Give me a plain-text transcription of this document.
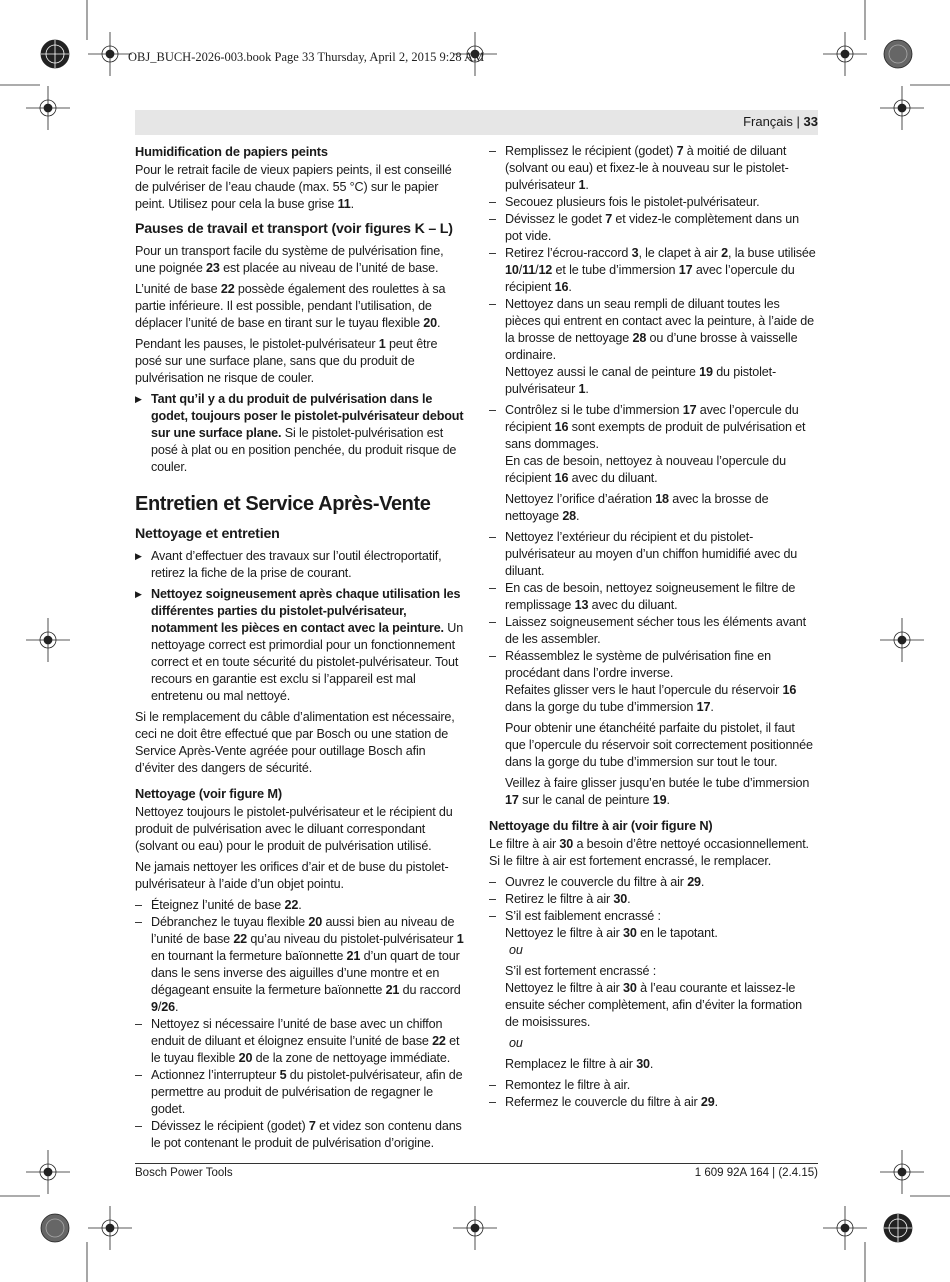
OBJ_BUCH-2026-003.book Page 33 Thursday, April 2, 2015 9:28 AM
Français | 33
Humidification de papiers peints

Pour le retrait facile de vieux papiers peints, il est conseillé de pulvériser de l’eau chaude (max. 55 °C) sur le papier peint. Utilisez pour cela la buse grise 11.

Pauses de travail et transport (voir figures K – L)

Pour un transport facile du système de pulvérisation fine, une poignée 23 est placée au niveau de l’unité de base.

L’unité de base 22 possède également des roulettes à sa partie inférieure. Il est possible, pendant l’utilisation, de déplacer l’unité de base en tirant sur le tuyau flexible 20.

Pendant les pauses, le pistolet-pulvérisateur 1 peut être posé sur une surface plane, sans que du produit de pulvérisation ne risque de couler.

▶ Tant qu’il y a du produit de pulvérisation dans le godet, toujours poser le pistolet-pulvérisateur debout sur une surface plane. Si le pistolet-pulvérisation est posé à plat ou en position penchée, du produit risque de couler.
Entretien et Service Après-Vente
Nettoyage et entretien
▶ Avant d’effectuer des travaux sur l’outil électroportatif, retirez la fiche de la prise de courant.
▶ Nettoyez soigneusement après chaque utilisation les différentes parties du pistolet-pulvérisateur, notamment les pièces en contact avec la peinture. Un nettoyage correct est primordial pour un fonctionnement correct et en toute sécurité du pistolet-pulvérisateur. Tout recours en garantie est exclu si l’appareil est mal entretenu ou mal nettoyé.

Si le remplacement du câble d’alimentation est nécessaire, ceci ne doit être effectué que par Bosch ou une station de Service Après-Vente agréée pour outillage Bosch afin d’éviter des dangers de sécurité.

Nettoyage (voir figure M)

Nettoyez toujours le pistolet-pulvérisateur et le récipient du produit de pulvérisation avec le diluant correspondant (solvant ou eau) pour le produit de pulvérisation utilisé.

Ne jamais nettoyer les orifices d’air et de buse du pistolet-pulvérisateur à l’aide d’un objet pointu.

– Éteignez l’unité de base 22.
– Débranchez le tuyau flexible 20 aussi bien au niveau de l’unité de base 22 qu’au niveau du pistolet-pulvérisateur 1 en tournant la fermeture baïonnette 21 d’un quart de tour dans le sens inverse des aiguilles d’une montre et en dégageant ensuite la fermeture baïonnette 21 du raccord 9/26.
– Nettoyez si nécessaire l’unité de base avec un chiffon enduit de diluant et éloignez ensuite l’unité de base 22 et le tuyau flexible 20 de la zone de nettoyage immédiate.
– Actionnez l’interrupteur 5 du pistolet-pulvérisateur, afin de permettre au produit de pulvérisation de regagner le godet.
– Dévissez le récipient (godet) 7 et videz son contenu dans le pot contenant le produit de pulvérisation d’origine.
– Remplissez le récipient (godet) 7 à moitié de diluant (solvant ou eau) et fixez-le à nouveau sur le pistolet-pulvérisateur 1.
– Secouez plusieurs fois le pistolet-pulvérisateur.
– Dévissez le godet 7 et videz-le complètement dans un pot vide.
– Retirez l’écrou-raccord 3, le clapet à air 2, la buse utilisée 10/11/12 et le tube d’immersion 17 avec l’opercule du récipient 16.
– Nettoyez dans un seau rempli de diluant toutes les pièces qui entrent en contact avec la peinture, à l’aide de la brosse de nettoyage 28 ou d’une brosse à vaisselle ordinaire.
Nettoyez aussi le canal de peinture 19 du pistolet-pulvérisateur 1.
– Contrôlez si le tube d’immersion 17 avec l’opercule du récipient 16 sont exempts de produit de pulvérisation et sans dommages.
En cas de besoin, nettoyez à nouveau l’opercule du récipient 16 avec du diluant.
Nettoyez l’orifice d’aération 18 avec la brosse de nettoyage 28.
– Nettoyez l’extérieur du récipient et du pistolet-pulvérisateur au moyen d’un chiffon humidifié avec du diluant.
– En cas de besoin, nettoyez soigneusement le filtre de remplissage 13 avec du diluant.
– Laissez soigneusement sécher tous les éléments avant de les assembler.
– Réassemblez le système de pulvérisation fine en procédant dans l’ordre inverse.
Refaites glisser vers le haut l’opercule du réservoir 16 dans la gorge du tube d’immersion 17.
Pour obtenir une étanchéité parfaite du pistolet, il faut que l’opercule du réservoir soit correctement positionnée dans la gorge du tube d’immersion sur tout le tour.
Veillez à faire glisser jusqu’en butée le tube d’immersion 17 sur le canal de peinture 19.
Nettoyage du filtre à air (voir figure N)

Le filtre à air 30 a besoin d’être nettoyé occasionnellement. Si le filtre à air est fortement encrassé, le remplacer.

– Ouvrez le couvercle du filtre à air 29.
– Retirez le filtre à air 30.
– S’il est faiblement encrassé :
Nettoyez le filtre à air 30 en le tapotant.
ou
S’il est fortement encrassé :
Nettoyez le filtre à air 30 à l’eau courante et laissez-le ensuite sécher complètement, afin d’éviter la formation de moisissures.
ou
Remplacez le filtre à air 30.
– Remontez le filtre à air.
– Refermez le couvercle du filtre à air 29.
Bosch Power Tools	1 609 92A 164 | (2.4.15)
